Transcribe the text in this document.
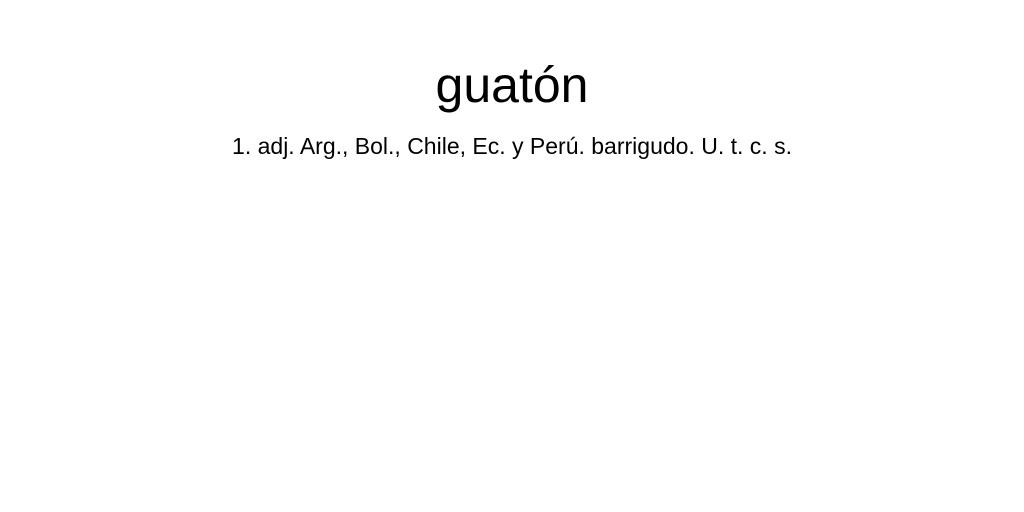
guatón
1. adj. Arg., Bol., Chile, Ec. y Perú. barrigudo. U. t. c. s.
